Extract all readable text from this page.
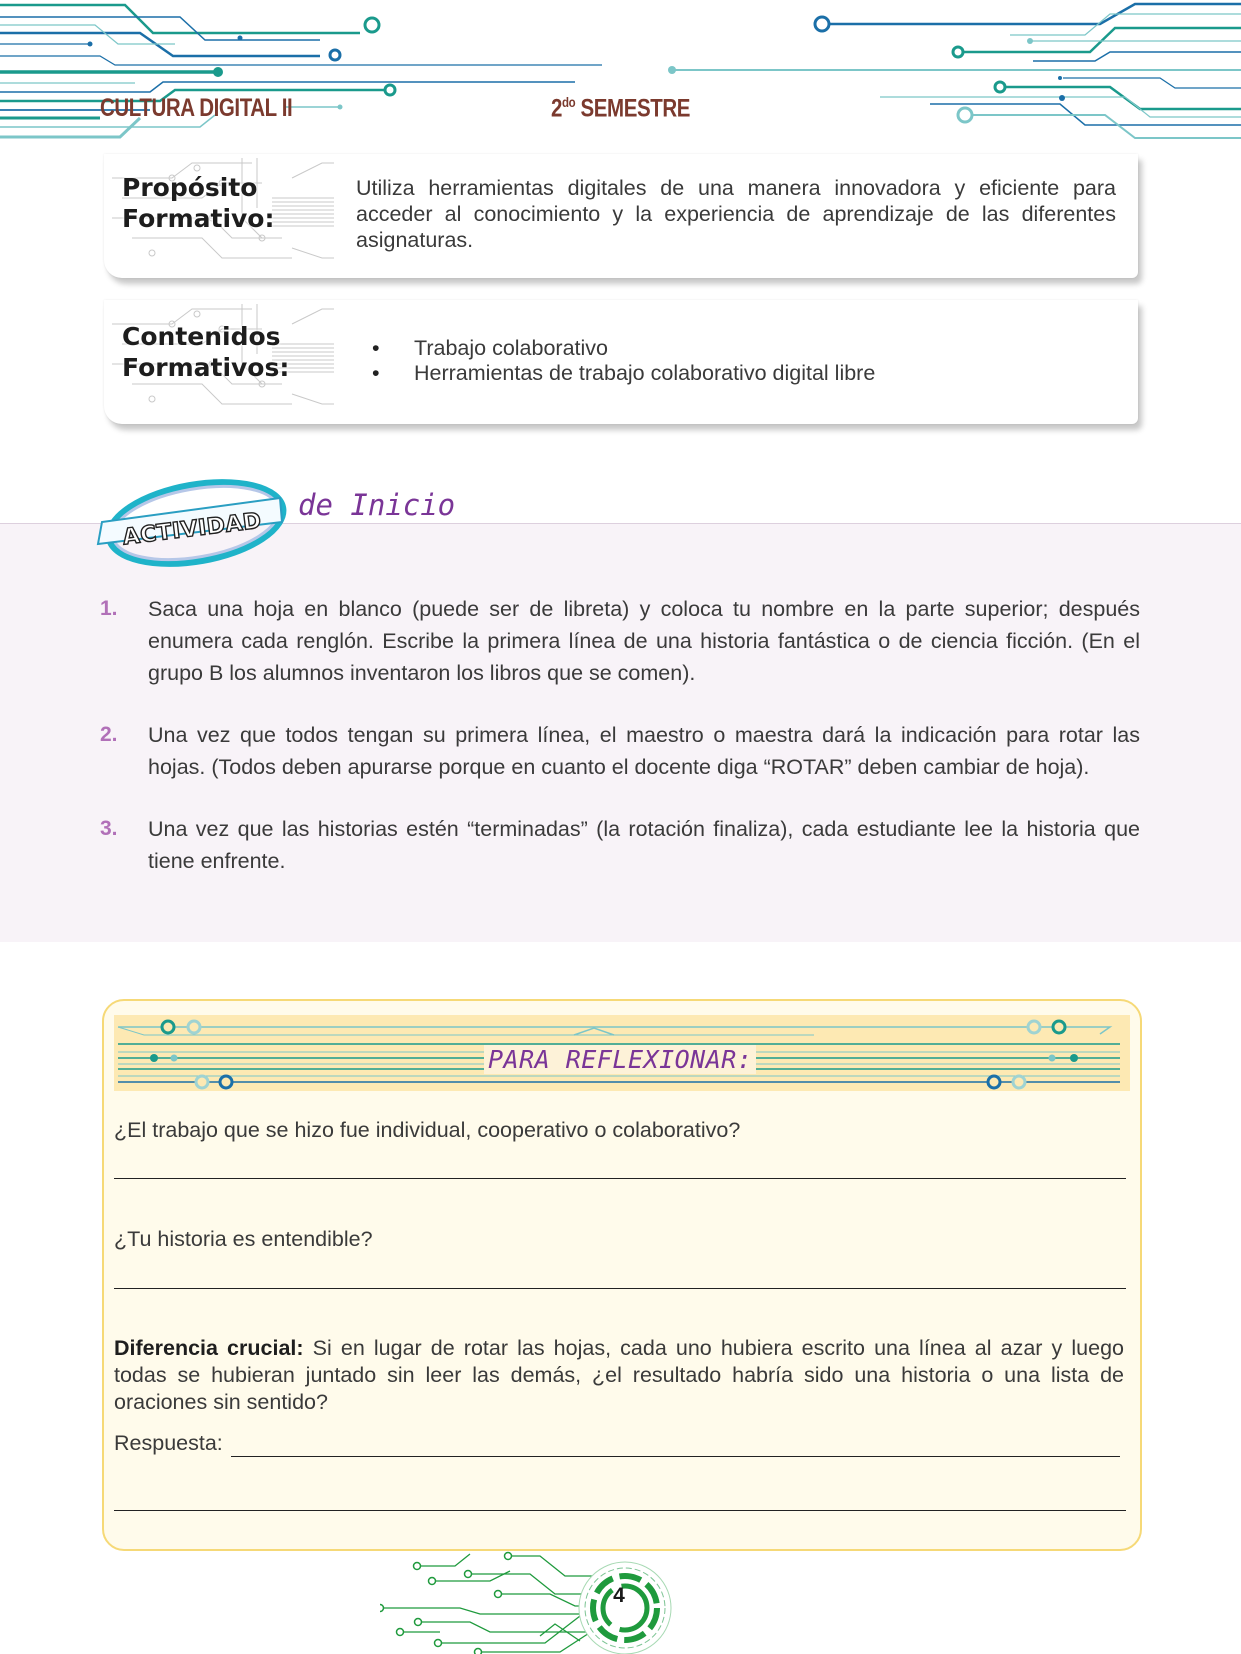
CULTURA DIGITAL II	$2^{do}$ SEMESTRE
Propósito
Formativo:
Utiliza herramientas digitales de una manera innovadora y eficiente para acceder al conocimiento y la experiencia de aprendizaje de las diferentes asignaturas.
Contenidos
Formativos:
• Trabajo colaborativo
• Herramientas de trabajo colaborativo digital libre
ACTIVIDAD
de Inicio
1. Saca una hoja en blanco (puede ser de libreta) y coloca tu nombre en la parte superior; después enumera cada renglón. Escribe la primera línea de una historia fantástica o de ciencia ficción. (En el grupo B los alumnos inventaron los libros que se comen).
2. Una vez que todos tengan su primera línea, el maestro o maestra dará la indicación para rotar las hojas. (Todos deben apurarse porque en cuanto el docente diga “ROTAR” deben cambiar de hoja).
3. Una vez que las historias estén “terminadas” (la rotación finaliza), cada estudiante lee la historia que tiene enfrente.
PARA REFLEXIONAR:
¿El trabajo que se hizo fue individual, cooperativo o colaborativo?
¿Tu historia es entendible?
Diferencia crucial: Si en lugar de rotar las hojas, cada uno hubiera escrito una línea al azar y luego todas se hubieran juntado sin leer las demás, ¿el resultado habría sido una historia o una lista de oraciones sin sentido?
Respuesta:
4
